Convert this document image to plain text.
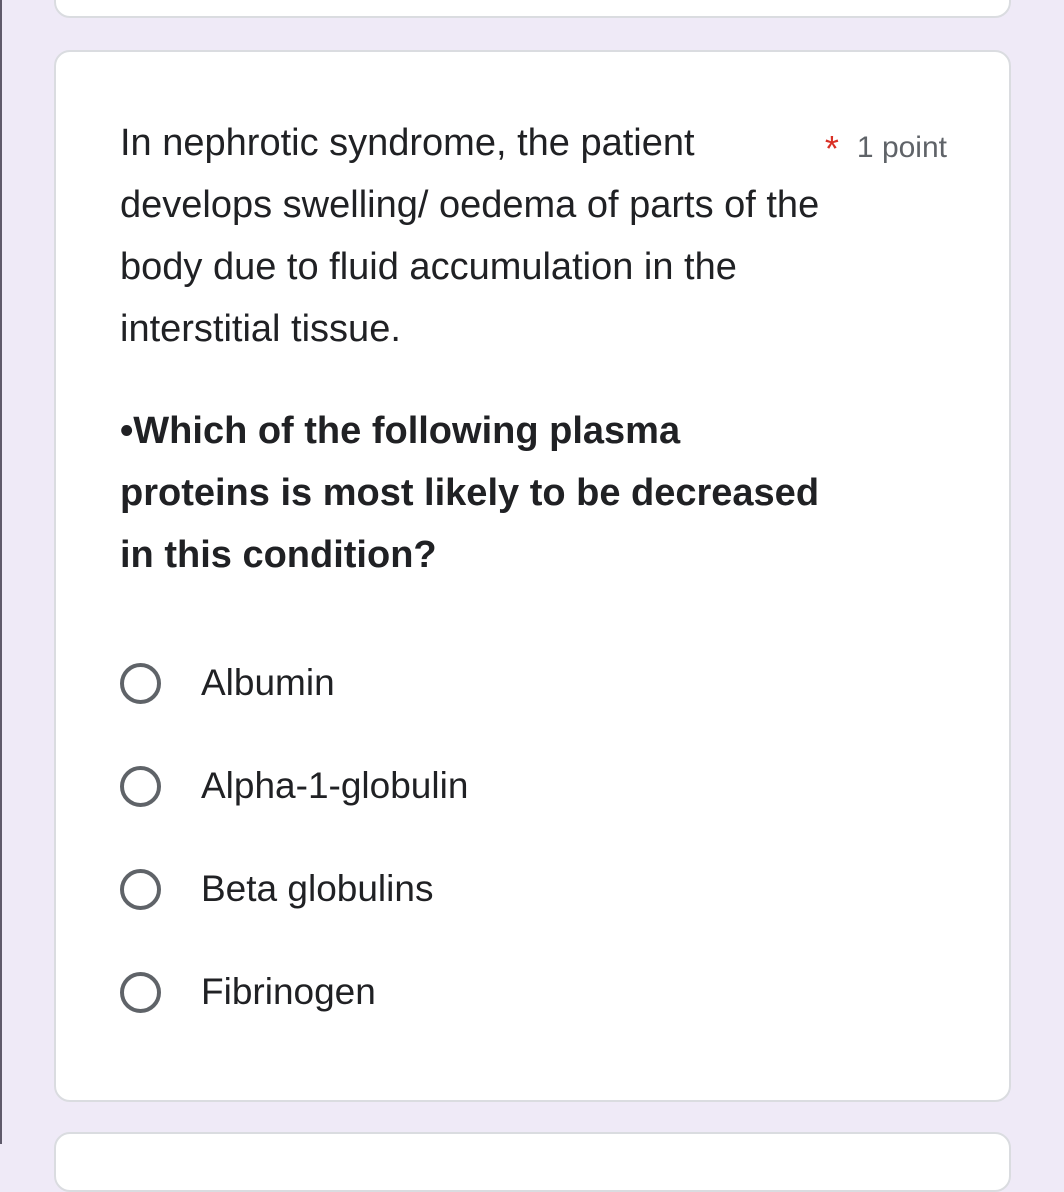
In nephrotic syndrome, the patient develops swelling/ oedema of parts of the body due to fluid accumulation in the interstitial tissue.
•Which of the following plasma proteins is most likely to be decreased in this condition?
* 1 point
Albumin
Alpha-1-globulin
Beta globulins
Fibrinogen
